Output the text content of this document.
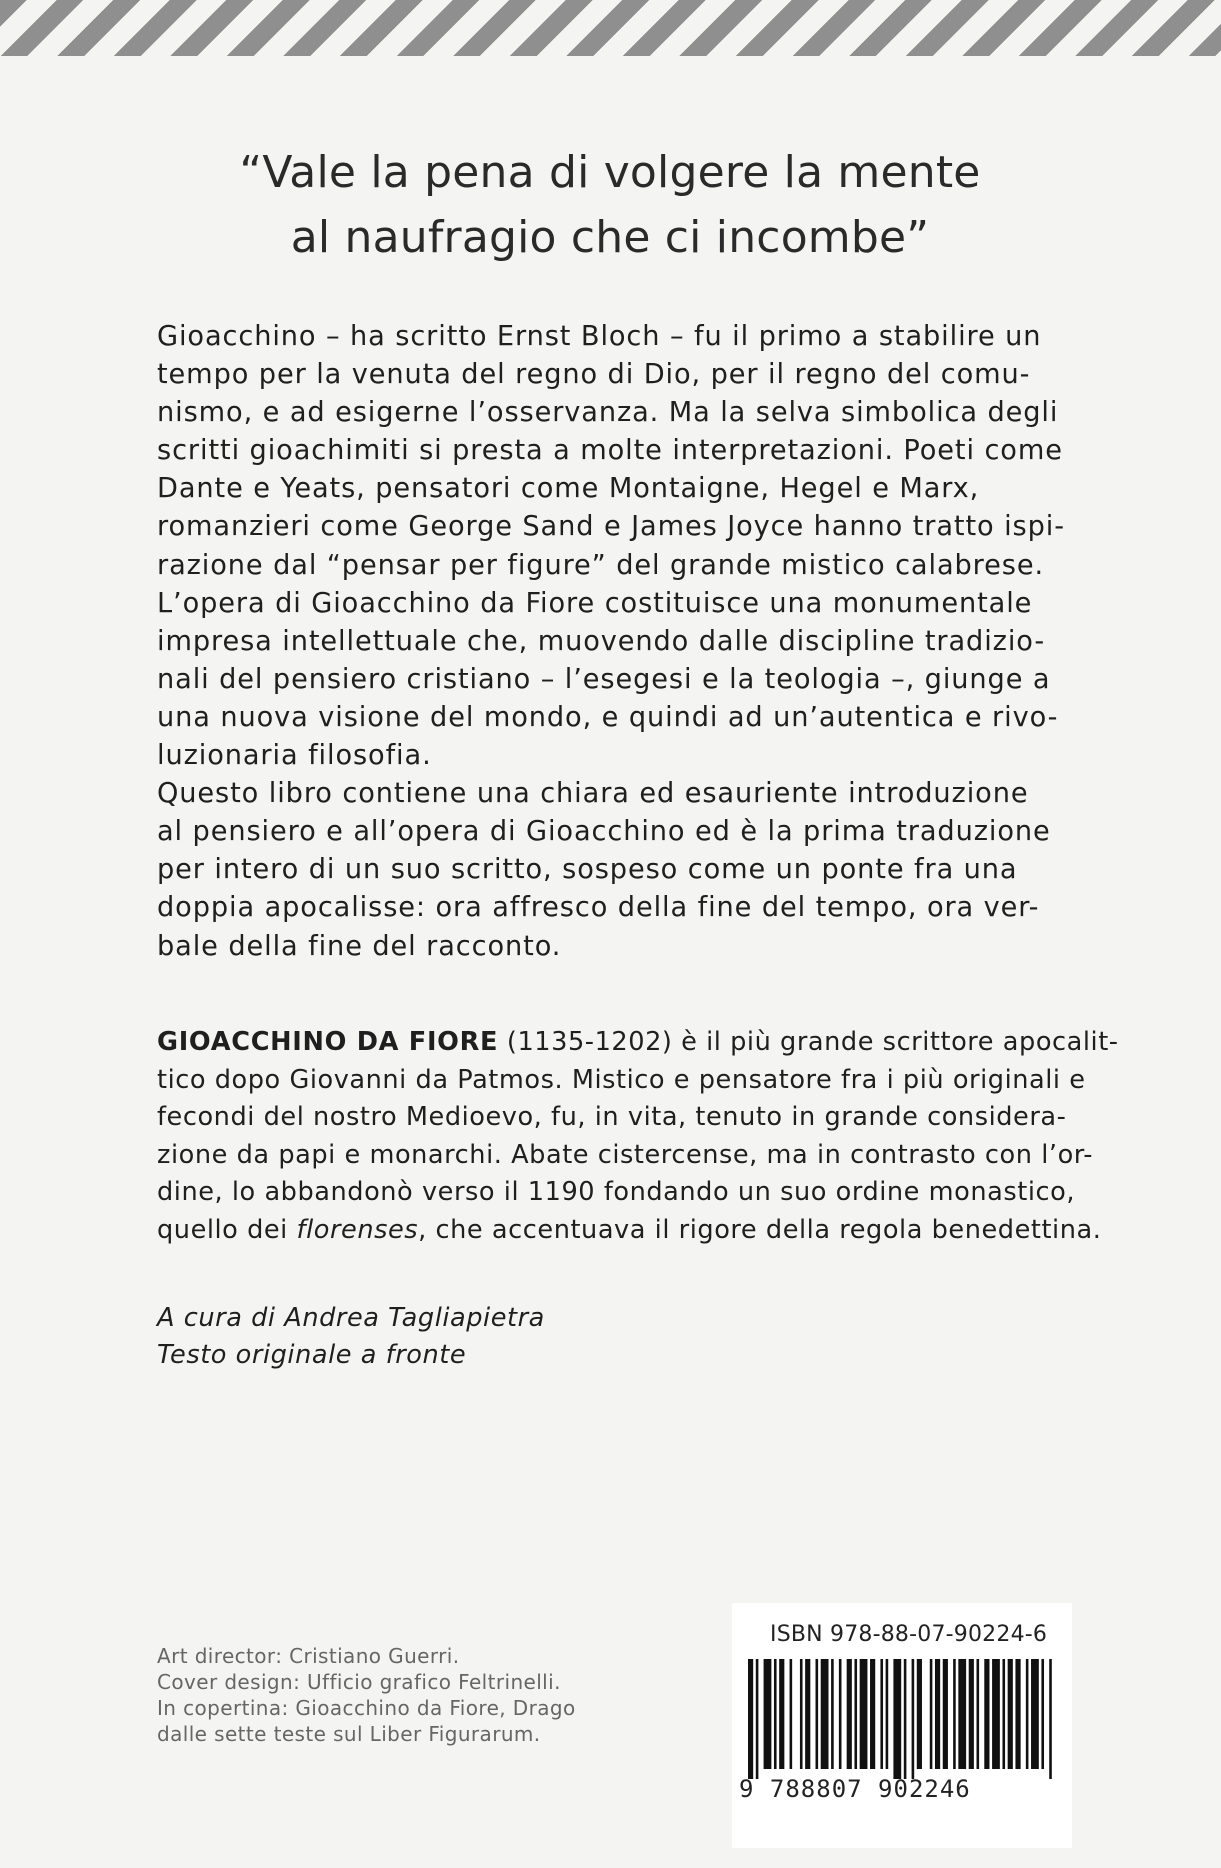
“Vale la pena di volgere la mente
al naufragio che ci incombe”
Gioacchino – ha scritto Ernst Bloch – fu il primo a stabilire un
tempo per la venuta del regno di Dio, per il regno del comu-
nismo, e ad esigerne l’osservanza. Ma la selva simbolica degli
scritti gioachimiti si presta a molte interpretazioni. Poeti come
Dante e Yeats, pensatori come Montaigne, Hegel e Marx,
romanzieri come George Sand e James Joyce hanno tratto ispi-
razione dal “pensar per figure” del grande mistico calabrese.
L’opera di Gioacchino da Fiore costituisce una monumentale
impresa intellettuale che, muovendo dalle discipline tradizio-
nali del pensiero cristiano – l’esegesi e la teologia –, giunge a
una nuova visione del mondo, e quindi ad un’autentica e rivo-
luzionaria filosofia.
Questo libro contiene una chiara ed esauriente introduzione
al pensiero e all’opera di Gioacchino ed è la prima traduzione
per intero di un suo scritto, sospeso come un ponte fra una
doppia apocalisse: ora affresco della fine del tempo, ora ver-
bale della fine del racconto.
GIOACCHINO DA FIORE (1135-1202) è il più grande scrittore apocalit-
tico dopo Giovanni da Patmos. Mistico e pensatore fra i più originali e
fecondi del nostro Medioevo, fu, in vita, tenuto in grande considera-
zione da papi e monarchi. Abate cistercense, ma in contrasto con l’or-
dine, lo abbandonò verso il 1190 fondando un suo ordine monastico,
quello dei florenses, che accentuava il rigore della regola benedettina.
A cura di Andrea Tagliapietra
Testo originale a fronte
Art director: Cristiano Guerri.
Cover design: Ufficio grafico Feltrinelli.
In copertina: Gioacchino da Fiore, Drago
dalle sette teste sul Liber Figurarum.
ISBN 978-88-07-90224-6
9 788807 902246
